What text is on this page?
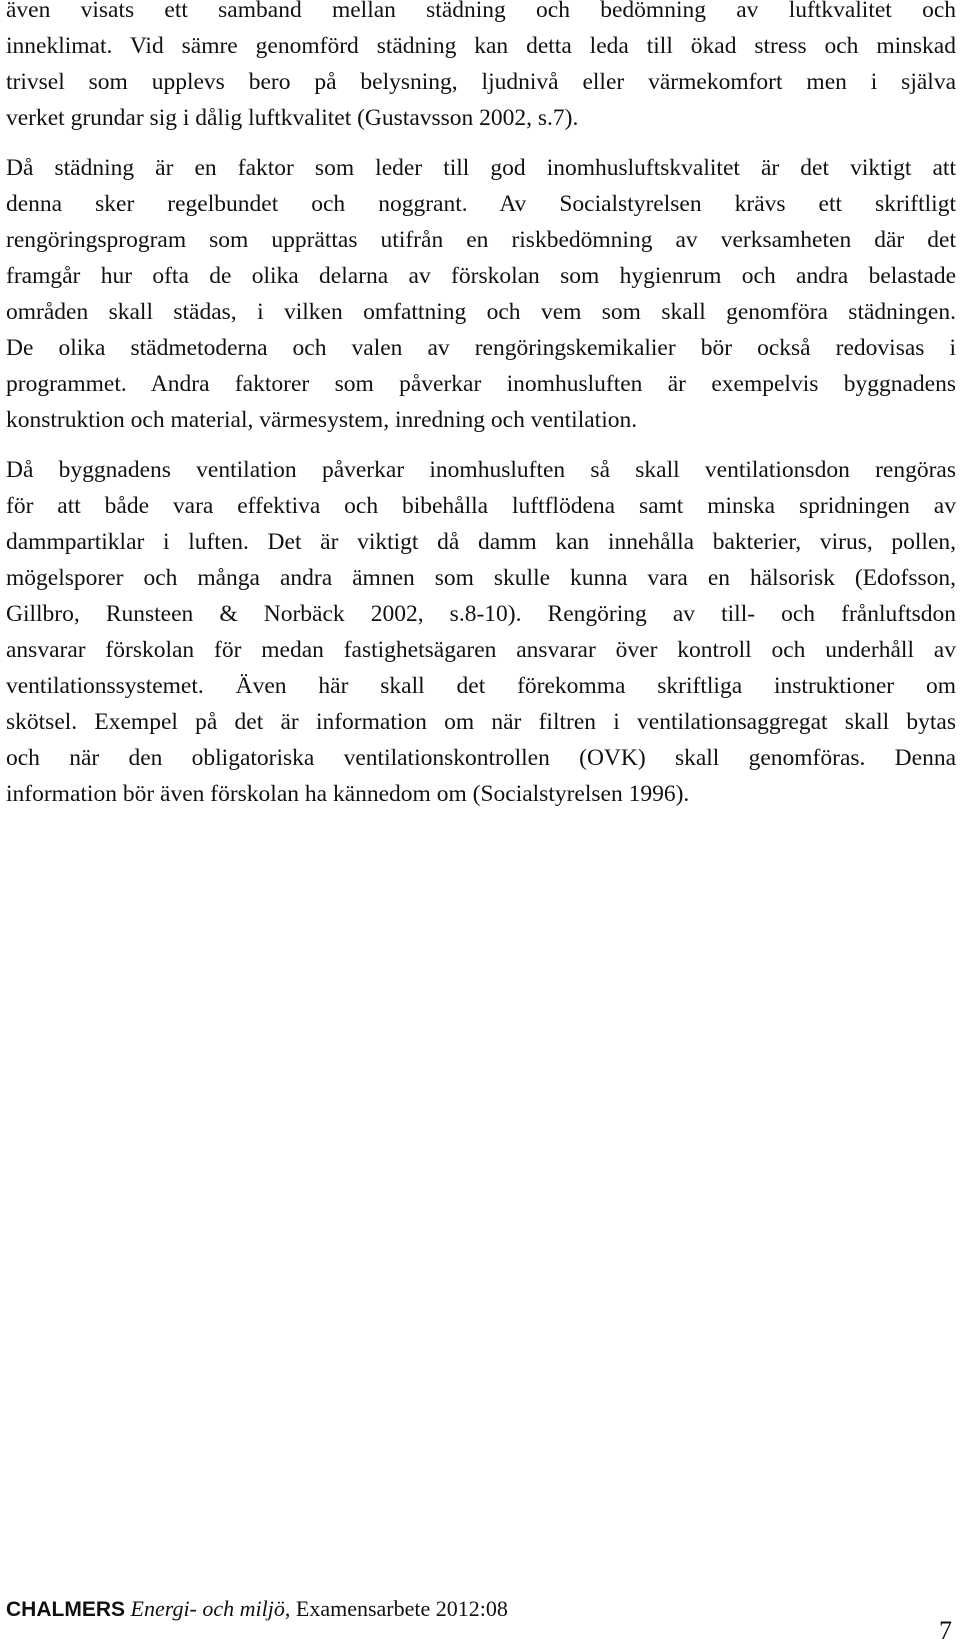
även visats ett samband mellan städning och bedömning av luftkvalitet och
inneklimat. Vid sämre genomförd städning kan detta leda till ökad stress och minskad
trivsel som upplevs bero på belysning, ljudnivå eller värmekomfort men i själva
verket grundar sig i dålig luftkvalitet (Gustavsson 2002, s.7).

Då städning är en faktor som leder till god inomhusluftskvalitet är det viktigt att
denna sker regelbundet och noggrant. Av Socialstyrelsen krävs ett skriftligt
rengöringsprogram som upprättas utifrån en riskbedömning av verksamheten där det
framgår hur ofta de olika delarna av förskolan som hygienrum och andra belastade
områden skall städas, i vilken omfattning och vem som skall genomföra städningen.
De olika städmetoderna och valen av rengöringskemikalier bör också redovisas i
programmet. Andra faktorer som påverkar inomhusluften är exempelvis byggnadens
konstruktion och material, värmesystem, inredning och ventilation.

Då byggnadens ventilation påverkar inomhusluften så skall ventilationsdon rengöras
för att både vara effektiva och bibehålla luftflödena samt minska spridningen av
dammpartiklar i luften. Det är viktigt då damm kan innehålla bakterier, virus, pollen,
mögelsporer och många andra ämnen som skulle kunna vara en hälsorisk (Edofsson,
Gillbro, Runsteen & Norbäck 2002, s.8-10). Rengöring av till- och frånluftsdon
ansvarar förskolan för medan fastighetsägaren ansvarar över kontroll och underhåll av
ventilationssystemet. Även här skall det förekomma skriftliga instruktioner om
skötsel. Exempel på det är information om när filtren i ventilationsaggregat skall bytas
och när den obligatoriska ventilationskontrollen (OVK) skall genomföras. Denna
information bör även förskolan ha kännedom om (Socialstyrelsen 1996).

CHALMERS Energi- och miljö, Examensarbete 2012:08
7
